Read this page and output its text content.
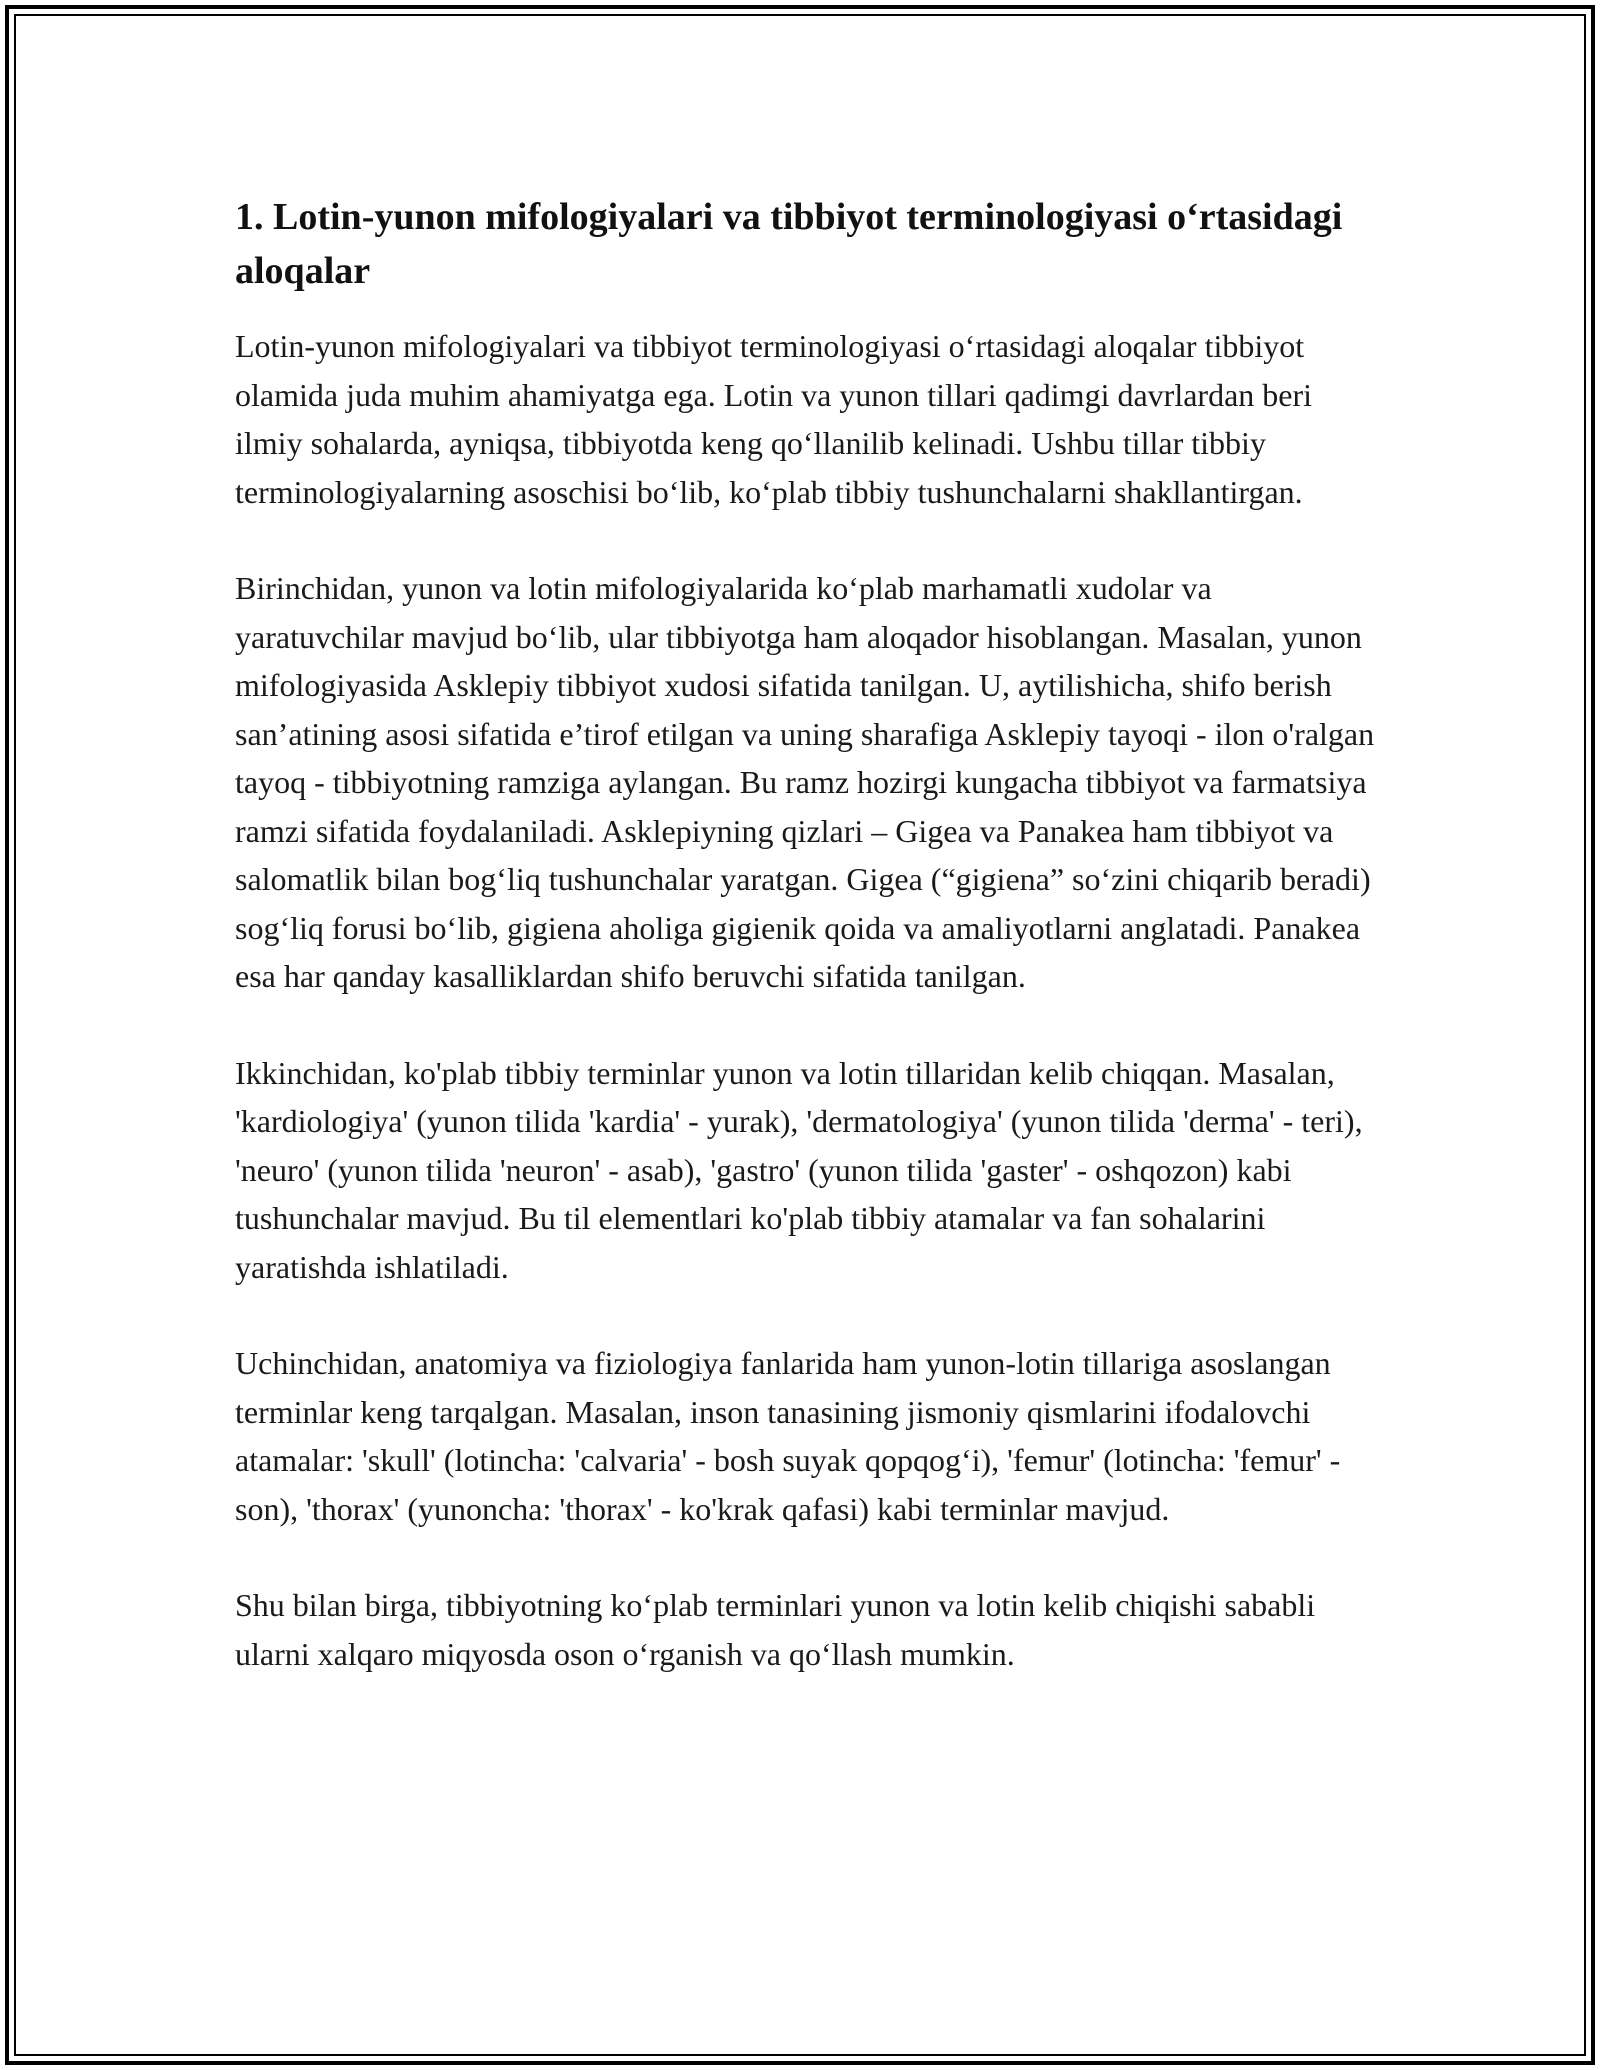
1. Lotin-yunon mifologiyalari va tibbiyot terminologiyasi o‘rtasidagi aloqalar

Lotin-yunon mifologiyalari va tibbiyot terminologiyasi o‘rtasidagi aloqalar tibbiyot olamida juda muhim ahamiyatga ega. Lotin va yunon tillari qadimgi davrlardan beri ilmiy sohalarda, ayniqsa, tibbiyotda keng qo‘llanilib kelinadi. Ushbu tillar tibbiy terminologiyalarning asoschisi bo‘lib, ko‘plab tibbiy tushunchalarni shakllantirgan.

Birinchidan, yunon va lotin mifologiyalarida ko‘plab marhamatli xudolar va yaratuvchilar mavjud bo‘lib, ular tibbiyotga ham aloqador hisoblangan. Masalan, yunon mifologiyasida Asklepiy tibbiyot xudosi sifatida tanilgan. U, aytilishicha, shifo berish san’atining asosi sifatida e’tirof etilgan va uning sharafiga Asklepiy tayoqi - ilon o'ralgan tayoq - tibbiyotning ramziga aylangan. Bu ramz hozirgi kungacha tibbiyot va farmatsiya ramzi sifatida foydalaniladi. Asklepiyning qizlari – Gigea va Panakea ham tibbiyot va salomatlik bilan bog‘liq tushunchalar yaratgan. Gigea (“gigiena” so‘zini chiqarib beradi) sog‘liq forusi bo‘lib, gigiena aholiga gigienik qoida va amaliyotlarni anglatadi. Panakea esa har qanday kasalliklardan shifo beruvchi sifatida tanilgan.

Ikkinchidan, ko'plab tibbiy terminlar yunon va lotin tillaridan kelib chiqqan. Masalan, 'kardiologiya' (yunon tilida 'kardia' - yurak), 'dermatologiya' (yunon tilida 'derma' - teri), 'neuro' (yunon tilida 'neuron' - asab), 'gastro' (yunon tilida 'gaster' - oshqozon) kabi tushunchalar mavjud. Bu til elementlari ko'plab tibbiy atamalar va fan sohalarini yaratishda ishlatiladi.

Uchinchidan, anatomiya va fiziologiya fanlarida ham yunon-lotin tillariga asoslangan terminlar keng tarqalgan. Masalan, inson tanasining jismoniy qismlarini ifodalovchi atamalar: 'skull' (lotincha: 'calvaria' - bosh suyak qopqog‘i), 'femur' (lotincha: 'femur' - son), 'thorax' (yunoncha: 'thorax' - ko'krak qafasi) kabi terminlar mavjud.

Shu bilan birga, tibbiyotning ko‘plab terminlari yunon va lotin kelib chiqishi sababli ularni xalqaro miqyosda oson o‘rganish va qo‘llash mumkin.
